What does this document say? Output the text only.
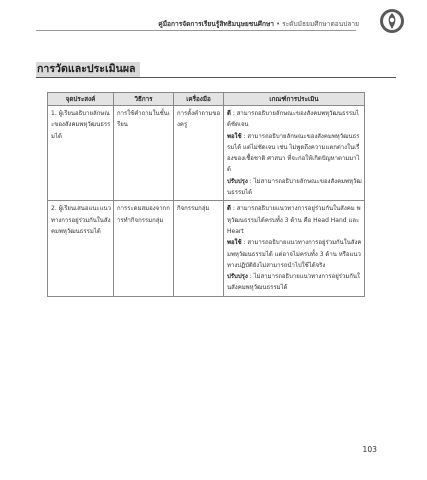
คู่มือการจัดการเรียนรู้สิทธิมนุษยชนศึกษา • ระดับมัธยมศึกษาตอนปลาย
การวัดและประเมินผล
จุดประสงค์	วิธีการ	เครื่องมือ	เกณฑ์การประเมิน
1. ผู้เรียนอธิบายลักษณะของสังคมพหุวัฒนธรรมได้	การใช้คำถามในชั้นเรียน	การตั้งคำถามของครู	ดี : สามารถอธิบายลักษณะของสังคมพหุวัฒนธรรมได้ชัดเจน
พอใช้ : สามารถอธิบายลักษณะของสังคมพหุวัฒนธรรมได้ แต่ไม่ชัดเจน เช่น ไม่พูดถึงความแตกต่างในเรื่องของเชื้อชาติ ศาสนา ที่จะก่อให้เกิดปัญหาตามมาได้
ปรับปรุง : ไม่สามารถอธิบายลักษณะของสังคมพหุวัฒนธรรมได้

2. ผู้เรียนเสนอแนะแนวทางการอยู่ร่วมกันในสังคมพหุวัฒนธรรมได้	การระดมสมองจากการทำกิจกรรมกลุ่ม	กิจกรรมกลุ่ม	ดี : สามารถอธิบายแนวทางการอยู่ร่วมกันในสังคม พหุวัฒนธรรมได้ครบทั้ง 3 ด้าน คือ Head Hand และ Heart
พอใช้ : สามารถอธิบายแนวทางการอยู่ร่วมกันในสังคมพหุวัฒนธรรมได้ แต่อาจไม่ครบทั้ง 3 ด้าน หรือแนวทางปฏิบัติยังไม่สามารถนำไปใช้ได้จริง
ปรับปรุง : ไม่สามารถอธิบายแนวทางการอยู่ร่วมกันในสังคมพหุวัฒนธรรมได้
103
